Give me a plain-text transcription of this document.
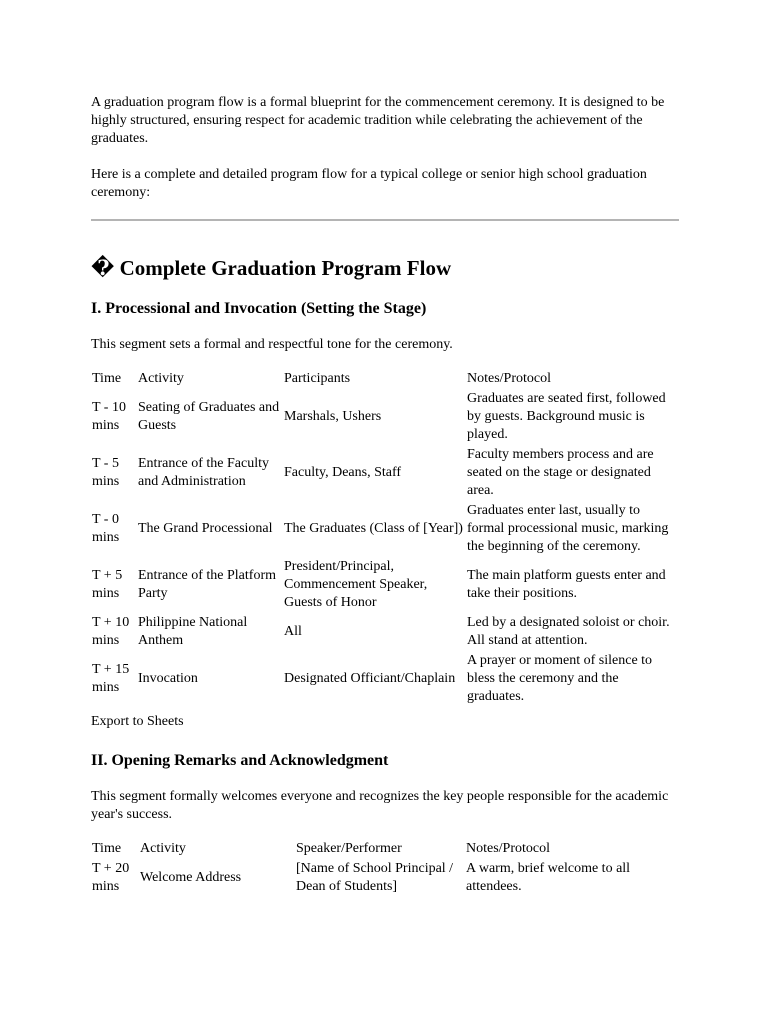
A graduation program flow is a formal blueprint for the commencement ceremony. It is designed to be highly structured, ensuring respect for academic tradition while celebrating the achievement of the graduates.

Here is a complete and detailed program flow for a typical college or senior high school graduation ceremony:

� Complete Graduation Program Flow
I. Processional and Invocation (Setting the Stage)

This segment sets a formal and respectful tone for the ceremony.

Time	Activity	Participants	Notes/Protocol
T - 10 mins	Seating of Graduates and Guests	Marshals, Ushers	Graduates are seated first, followed by guests. Background music is played.
T - 5 mins	Entrance of the Faculty and Administration	Faculty, Deans, Staff	Faculty members process and are seated on the stage or designated area.
T - 0 mins	The Grand Processional	The Graduates (Class of [Year])	Graduates enter last, usually to formal processional music, marking the beginning of the ceremony.
T + 5 mins	Entrance of the Platform Party	President/Principal, Commencement Speaker, Guests of Honor	The main platform guests enter and take their positions.
T + 10 mins	Philippine National Anthem	All	Led by a designated soloist or choir. All stand at attention.
T + 15 mins	Invocation	Designated Officiant/Chaplain	A prayer or moment of silence to bless the ceremony and the graduates.

Export to Sheets

II. Opening Remarks and Acknowledgment

This segment formally welcomes everyone and recognizes the key people responsible for the academic year's success.

Time	Activity	Speaker/Performer	Notes/Protocol
T + 20 mins	Welcome Address	[Name of School Principal / Dean of Students]	A warm, brief welcome to all attendees.
